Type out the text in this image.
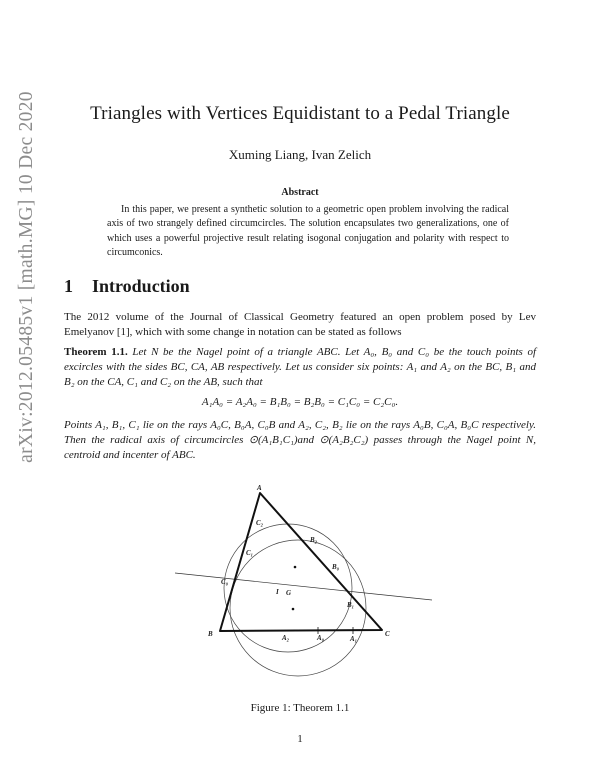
arXiv:2012.05485v1 [math.MG] 10 Dec 2020	Triangles with Vertices Equidistant to a Pedal Triangle
Xuming Liang, Ivan Zelich
Abstract
In this paper, we present a synthetic solution to a geometric open problem involving the radical axis of two strangely defined circumcircles. The solution encapsulates two generalizations, one of which uses a powerful projective result relating isogonal conjugation and polarity with respect to circumconics.
1 Introduction
The 2012 volume of the Journal of Classical Geometry featured an open problem posed by Lev Emelyanov [1], which with some change in notation can be stated as follows
Theorem 1.1. Let N be the Nagel point of a triangle ABC. Let A₀, B₀ and C₀ be the touch points of excircles with the sides BC, CA, AB respectively. Let us consider six points: A₁ and A₂ on the BC, B₁ and B₂ on the CA, C₁ and C₂ on the AB, such that
A₁A₀ = A₂A₀ = B₁B₀ = B₂B₀ = C₁C₀ = C₂C₀.
Points A₁, B₁, C₁ lie on the rays A₀C, B₀A, C₀B and A₂, C₂, B₂ lie on the rays A₀B, C₀A, B₀C respectively. Then the radical axis of circumcircles ⊙(A₁B₁C₁)and ⊙(A₂B₂C₂) passes through the Nagel point N, centroid and incenter of ABC.
A
B	C
C₂
C₁
C₀
B₂
B₀
B₁
A₂	A₀	A₁
I G
Figure 1: Theorem 1.1
1
